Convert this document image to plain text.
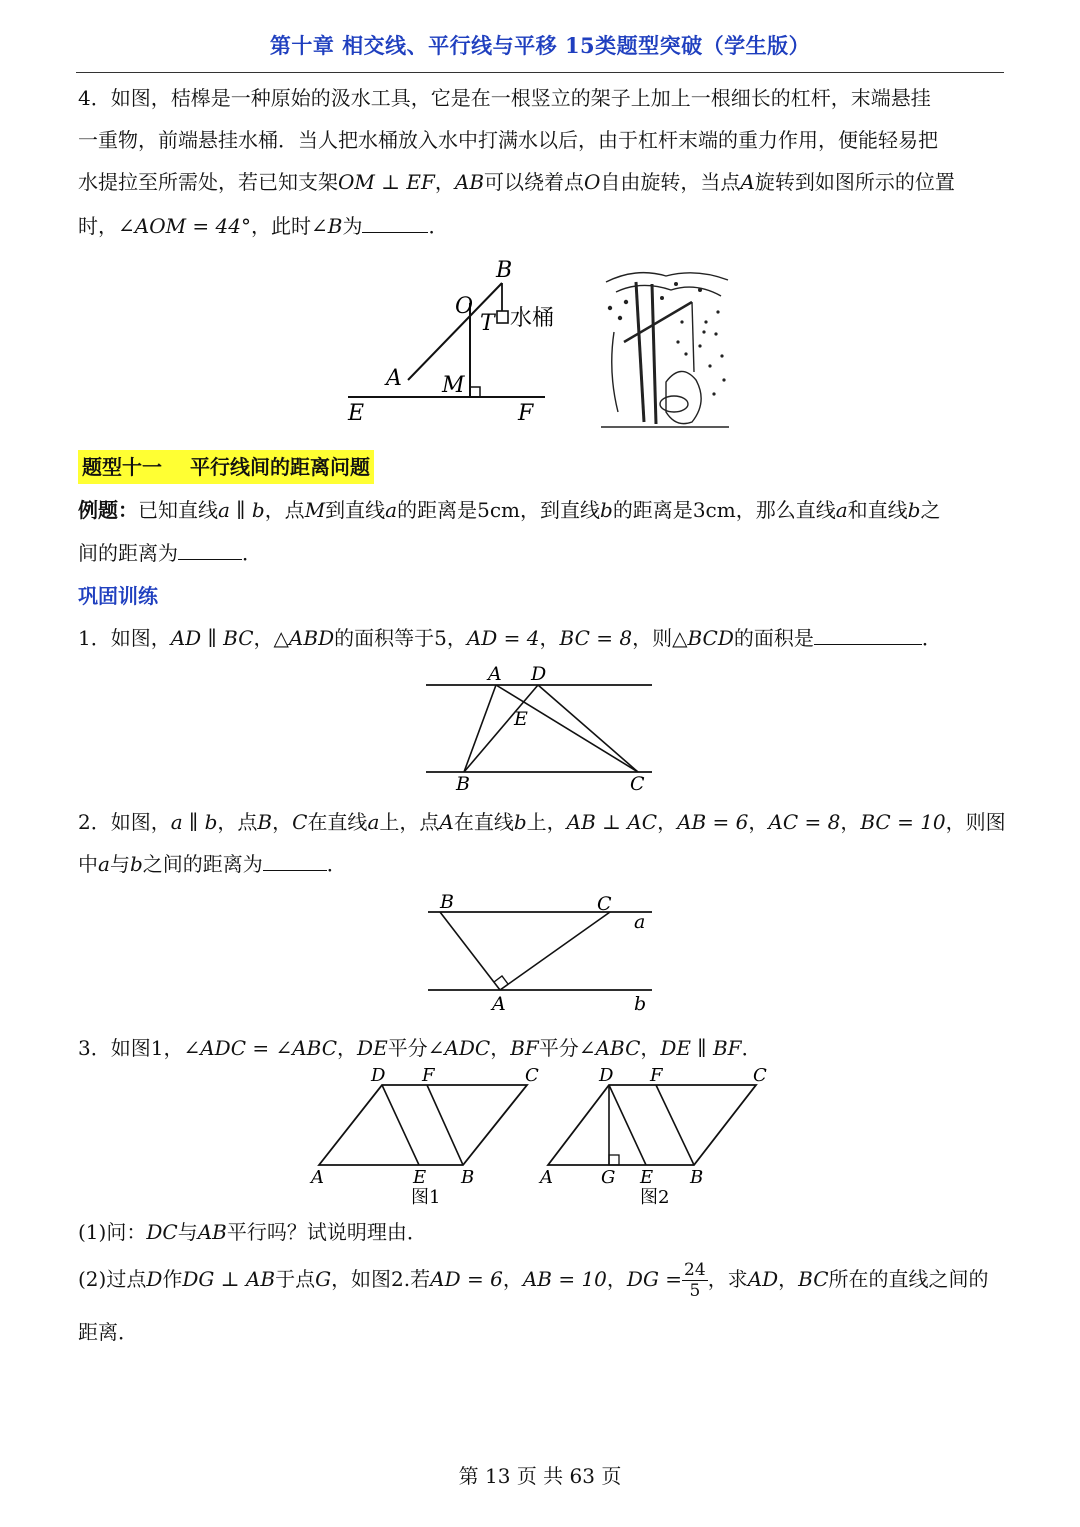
第十章 相交线、平行线与平移 15类题型突破（学生版）
4．如图，桔槔是一种原始的汲水工具，它是在一根竖立的架子上加上一根细长的杠杆，末端悬挂
一重物，前端悬挂水桶．当人把水桶放入水中打满水以后，由于杠杆末端的重力作用，便能轻易把
水提拉至所需处，若已知支架OM ⊥ EF，AB可以绕着点O自由旋转，当点A旋转到如图所示的位置
时，∠AOM = 44°，此时∠B为	．
B
O
T 水桶
A M
E	F
题型十一 平行线间的距离问题
例题：已知直线a ∥ b，点M到直线a的距离是5cm，到直线b的距离是3cm，那么直线a和直线b之
间的距离为	．
巩固训练
1．如图，AD ∥ BC，△ABD的面积等于5，AD = 4，BC = 8，则△BCD的面积是	．
A D
E
B	C
2．如图，a ∥ b，点B，C在直线a上，点A在直线b上，AB ⊥ AC，AB = 6，AC = 8，BC = 10，则图
中a与b之间的距离为	．
B	C
a
A	b
3．如图1，∠ADC = ∠ABC，DE平分∠ADC，BF平分∠ABC，DE ∥ BF．
D F	C
A	E B
图1
D F	C
A	G E B
图2
(1)问：DC与AB平行吗？试说明理由．
(2)过点D作DG ⊥ AB于点G，如图2.若AD = 6，AB = 10，DG = $\frac{24}{5}$ ，求AD，BC所在的直线之间的
距离．
第 13 页 共 63 页
